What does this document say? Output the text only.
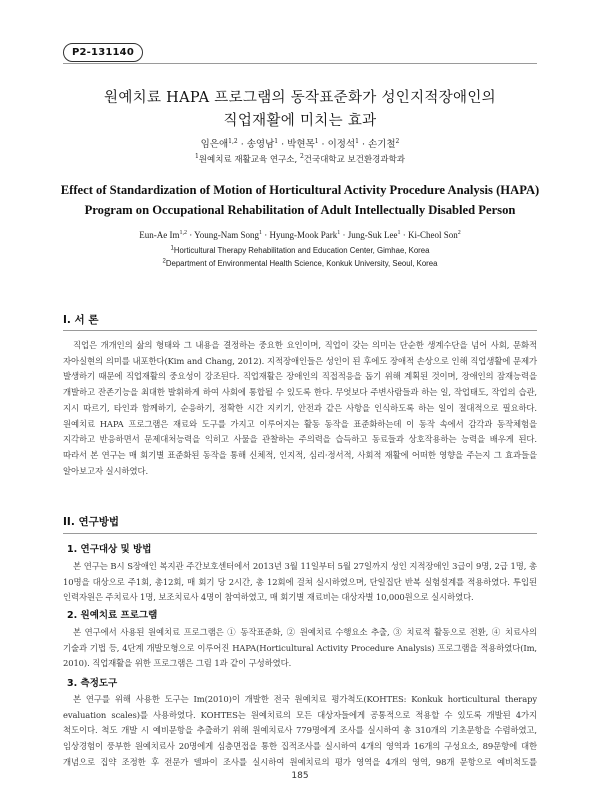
P2-131140
원예치료 HAPA 프로그램의 동작표준화가 성인지적장애인의
직업재활에 미치는 효과
임은애$^{1,2}$ · 송영남$^1$ · 박현목$^1$ · 이정석$^1$ · 손기철$^2$
$^1$원예치료 재활교육 연구소, $^2$건국대학교 보건환경과학과
Effect of Standardization of Motion of Horticultural Activity Procedure Analysis (HAPA)
Program on Occupational Rehabilitation of Adult Intellectually Disabled Person
Eun-Ae Im$^{1,2}$ · Young-Nam Song$^1$ · Hyung-Mook Park$^1$ · Jung-Suk Lee$^1$ · Ki-Cheol Son$^2$
$^1$Horticultural Therapy Rehabilitation and Education Center, Gimhae, Korea
$^2$Department of Environmental Health Science, Konkuk University, Seoul, Korea
I. 서 론

직업은 개개인의 삶의 형태와 그 내용을 결정하는 중요한 요인이며, 직업이 갖는 의미는 단순한 생계수단을 넘어 사회, 문화적 자아실현의 의미를 내포한다(Kim and Chang, 2012). 지적장애인들은 성인이 된 후에도 장애적 손상으로 인해 직업생활에 문제가 발생하기 때문에 직업재활의 중요성이 강조된다. 직업재활은 장애인의 직접적응을 돕기 위해 계획된 것이며, 장애인의 잠재능력을 개발하고 잔존기능을 최대한 발휘하게 하여 사회에 통합될 수 있도록 한다. 무엇보다 주변사람들과 하는 일, 작업태도, 작업의 습관, 지시 따르기, 타인과 함께하기, 순응하기, 정확한 시간 지키기, 안전과 같은 사항을 인식하도록 하는 일이 절대적으로 필요하다. 원예치료 HAPA 프로그램은 재료와 도구를 가지고 이루어지는 활동 동작을 표준화하는데 이 동작 속에서 감각과 동작체험을 지각하고 반응하면서 문제대처능력을 익히고 사물을 관찰하는 주의력을 습득하고 동료들과 상호작용하는 능력을 배우게 된다. 따라서 본 연구는 매 회기별 표준화된 동작을 통해 신체적, 인지적, 심리·정서적, 사회적 재활에 어떠한 영향을 주는지 그 효과들을 알아보고자 실시하였다.

II. 연구방법
1. 연구대상 및 방법

본 연구는 B시 S장애인 복지관 주간보호센터에서 2013년 3월 11일부터 5월 27일까지 성인 지적장애인 3급이 9명, 2급 1명, 총 10명을 대상으로 주1회, 총12회, 매 회기 당 2시간, 총 12회에 걸쳐 실시하였으며, 단일집단 반복 실험설계를 적용하였다. 투입된 인력자원은 주치료사 1명, 보조치료사 4명이 참여하였고, 매 회기별 재료비는 대상자별 10,000원으로 실시하였다.

2. 원예치료 프로그램

본 연구에서 사용된 원예치료 프로그램은 ① 동작표준화, ② 원예치료 수행요소 추출, ③ 치료적 활동으로 전환, ④ 치료사의 기술과 기법 등, 4단계 개발모형으로 이루어진 HAPA(Horticultural Activity Procedure Analysis) 프로그램을 적용하였다(Im, 2010). 직업재활을 위한 프로그램은 그림 1과 같이 구성하였다.

3. 측정도구

본 연구를 위해 사용한 도구는 Im(2010)이 개발한 전국 원예치료 평가척도(KOHTES: Konkuk horticultural therapy evaluation scales)를 사용하였다. KOHTES는 원예치료의 모든 대상자들에게 공통적으로 적용할 수 있도록 개발된 4가지 척도이다. 척도 개발 시 예비문항을 추출하기 위해 원예치료사 779명에게 조사를 실시하여 총 310개의 기초문항을 수렴하였고, 임상경험이 풍부한 원예치료사 20명에게 심층면접을 통한 집적조사를 실시하여 4개의 영역과 16개의 구성요소, 89문항에 대한 개념으로 집약 조정한 후 전문가 델파이 조사를 실시하여 원예치료의 평가 영역을 4개의 영역, 98개 문항으로 예비척도를

185
